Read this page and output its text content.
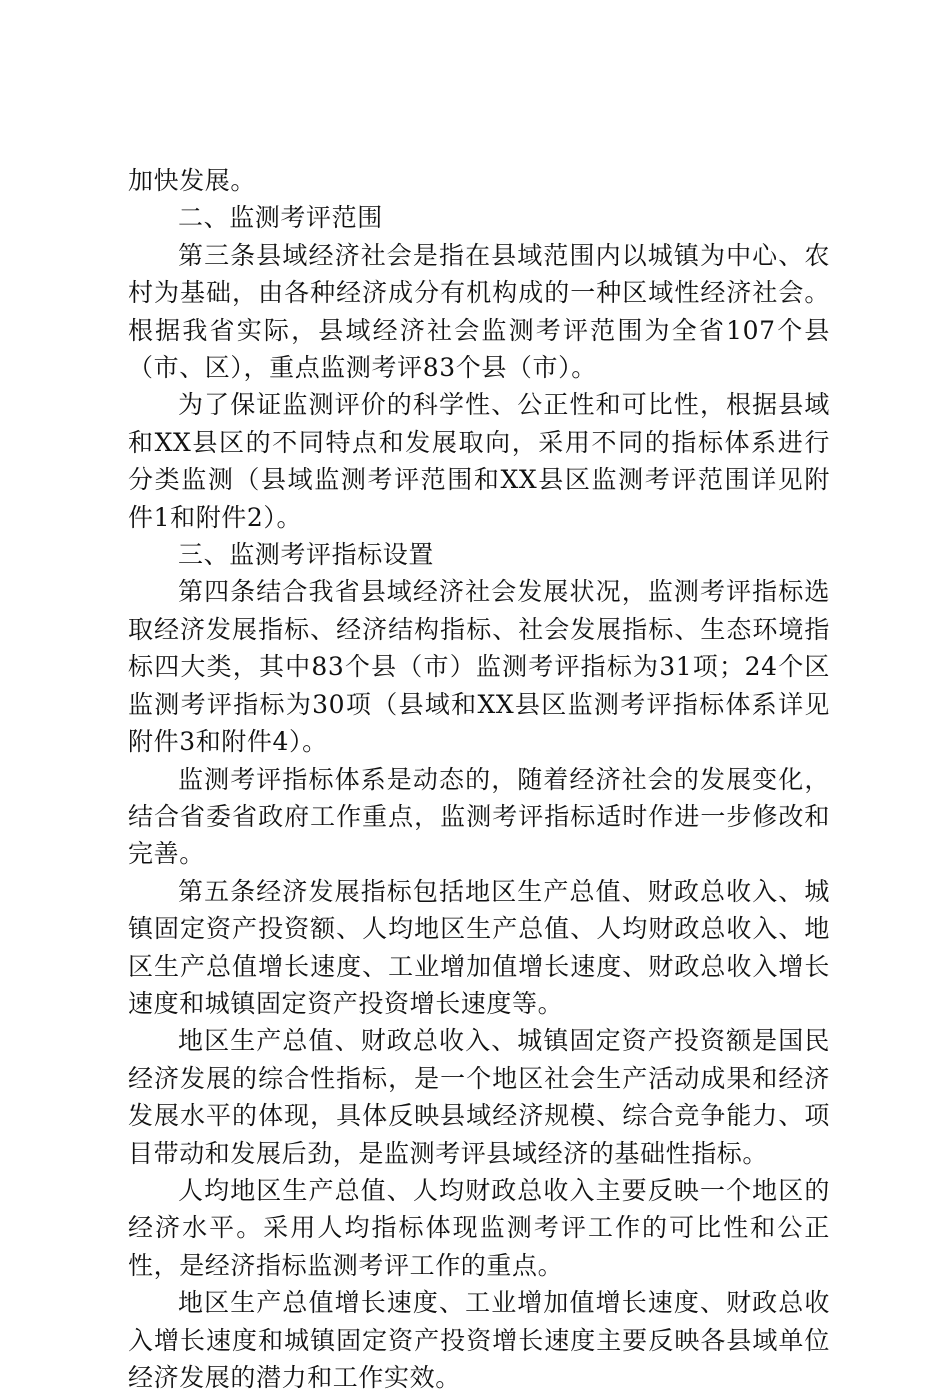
加快发展。

二、监测考评范围

第三条县域经济社会是指在县域范围内以城镇为中心、农村为基础，由各种经济成分有机构成的一种区域性经济社会。根据我省实际，县域经济社会监测考评范围为全省107个县（市、区），重点监测考评83个县（市）。

为了保证监测评价的科学性、公正性和可比性，根据县域和XX县区的不同特点和发展取向，采用不同的指标体系进行分类监测（县域监测考评范围和XX县区监测考评范围详见附件1和附件2）。

三、监测考评指标设置

第四条结合我省县域经济社会发展状况，监测考评指标选取经济发展指标、经济结构指标、社会发展指标、生态环境指标四大类，其中83个县（市）监测考评指标为31项；24个区监测考评指标为30项（县域和XX县区监测考评指标体系详见附件3和附件4）。

监测考评指标体系是动态的，随着经济社会的发展变化，结合省委省政府工作重点，监测考评指标适时作进一步修改和完善。

第五条经济发展指标包括地区生产总值、财政总收入、城镇固定资产投资额、人均地区生产总值、人均财政总收入、地区生产总值增长速度、工业增加值增长速度、财政总收入增长速度和城镇固定资产投资增长速度等。

地区生产总值、财政总收入、城镇固定资产投资额是国民经济发展的综合性指标，是一个地区社会生产活动成果和经济发展水平的体现，具体反映县域经济规模、综合竞争能力、项目带动和发展后劲，是监测考评县域经济的基础性指标。

人均地区生产总值、人均财政总收入主要反映一个地区的经济水平。采用人均指标体现监测考评工作的可比性和公正性，是经济指标监测考评工作的重点。

地区生产总值增长速度、工业增加值增长速度、财政总收入增长速度和城镇固定资产投资增长速度主要反映各县域单位经济发展的潜力和工作实效。
